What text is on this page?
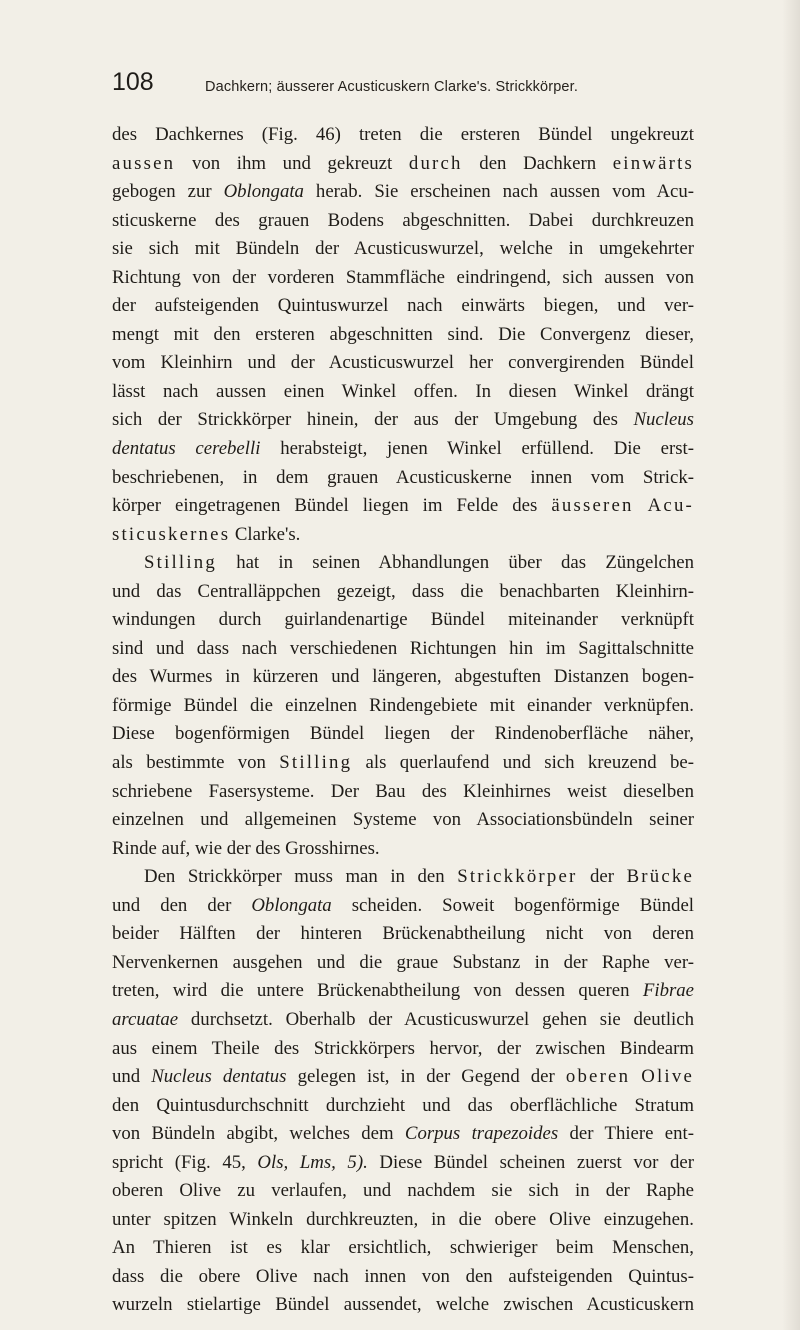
108	Dachkern; äusserer Acusticuskern Clarke's. Strickkörper.
des Dachkernes (Fig. 46) treten die ersteren Bündel ungekreuzt
aussen von ihm und gekreuzt durch den Dachkern einwärts
gebogen zur Oblongata herab. Sie erscheinen nach aussen vom Acu-
sticuskerne des grauen Bodens abgeschnitten. Dabei durchkreuzen
sie sich mit Bündeln der Acusticuswurzel, welche in umgekehrter
Richtung von der vorderen Stammfläche eindringend, sich aussen von
der aufsteigenden Quintuswurzel nach einwärts biegen, und ver-
mengt mit den ersteren abgeschnitten sind. Die Convergenz dieser,
vom Kleinhirn und der Acusticuswurzel her convergirenden Bündel
lässt nach aussen einen Winkel offen. In diesen Winkel drängt
sich der Strickkörper hinein, der aus der Umgebung des Nucleus
dentatus cerebelli herabsteigt, jenen Winkel erfüllend. Die erst-
beschriebenen, in dem grauen Acusticuskerne innen vom Strick-
körper eingetragenen Bündel liegen im Felde des äusseren Acu-
sticuskernes Clarke's.
Stilling hat in seinen Abhandlungen über das Züngelchen
und das Centralläppchen gezeigt, dass die benachbarten Kleinhirn-
windungen durch guirlandenartige Bündel miteinander verknüpft
sind und dass nach verschiedenen Richtungen hin im Sagittalschnitte
des Wurmes in kürzeren und längeren, abgestuften Distanzen bogen-
förmige Bündel die einzelnen Rindengebiete mit einander verknüpfen.
Diese bogenförmigen Bündel liegen der Rindenoberfläche näher,
als bestimmte von Stilling als querlaufend und sich kreuzend be-
schriebene Fasersysteme. Der Bau des Kleinhirnes weist dieselben
einzelnen und allgemeinen Systeme von Associationsbündeln seiner
Rinde auf, wie der des Grosshirnes.
Den Strickkörper muss man in den Strickkörper der Brücke
und den der Oblongata scheiden. Soweit bogenförmige Bündel
beider Hälften der hinteren Brückenabtheilung nicht von deren
Nervenkernen ausgehen und die graue Substanz in der Raphe ver-
treten, wird die untere Brückenabtheilung von dessen queren Fibrae
arcuatae durchsetzt. Oberhalb der Acusticuswurzel gehen sie deutlich
aus einem Theile des Strickkörpers hervor, der zwischen Bindearm
und Nucleus dentatus gelegen ist, in der Gegend der oberen Olive
den Quintusdurchschnitt durchzieht und das oberflächliche Stratum
von Bündeln abgibt, welches dem Corpus trapezoides der Thiere ent-
spricht (Fig. 45, Ols, Lms, 5). Diese Bündel scheinen zuerst vor der
oberen Olive zu verlaufen, und nachdem sie sich in der Raphe
unter spitzen Winkeln durchkreuzten, in die obere Olive einzugehen.
An Thieren ist es klar ersichtlich, schwieriger beim Menschen,
dass die obere Olive nach innen von den aufsteigenden Quintus-
wurzeln stielartige Bündel aussendet, welche zwischen Acusticuskern
